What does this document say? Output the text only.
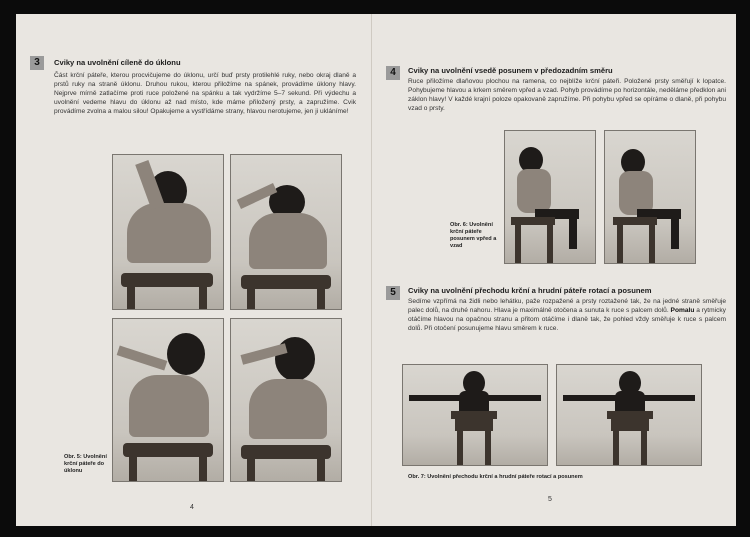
3	Cviky na uvolnění cíleně do úklonu
Část krční páteře, kterou procvičujeme do úklonu, určí buď prsty protilehlé ruky, nebo okraj dlaně a prstů ruky na straně úklonu. Druhou rukou, kterou přiložíme na spánek, provádíme úklony hlavy. Nejprve mírně zatlačíme proti ruce položené na spánku a tak vydržíme 5–7 sekund. Při výdechu a uvolnění vedeme hlavu do úklonu až nad místo, kde máme přiložený prsty, a zapružíme. Cvik provádíme zvolna a malou silou! Opakujeme a vystřídáme strany, hlavou nerotujeme, jen ji ukláníme!
Obr. 5: Uvolnění krční páteře do úklonu
4
4	Cviky na uvolnění vsedě posunem v předozadním směru
Ruce přiložíme dlaňovou plochou na ramena, co nejblíže krční páteři. Položené prsty směřují k lopatce. Pohybujeme hlavou a krkem směrem vpřed a vzad. Pohyb provádíme po horizontále, neděláme předklon ani záklon hlavy! V každé krajní poloze opakovaně zapružíme. Při pohybu vpřed se opíráme o dlaně, při pohybu vzad o prsty.
Obr. 6: Uvolnění krční páteře posunem vpřed a vzad
5	Cviky na uvolnění přechodu krční a hrudní páteře rotací a posunem
Sedíme vzpřímá na židli nebo lehátku, paže rozpažené a prsty roztažené tak, že na jedné straně směřuje palec dolů, na druhé nahoru. Hlava je maximálně otočena a sunuta k ruce s palcem dolů. Pomalu a rytmicky otáčíme hlavou na opačnou stranu a přitom otáčíme i dlaně tak, že pohled vždy směřuje k ruce s palcem dolů. Při otočení posunujeme hlavu směrem k ruce.
Obr. 7: Uvolnění přechodu krční a hrudní páteře rotací a posunem
5
